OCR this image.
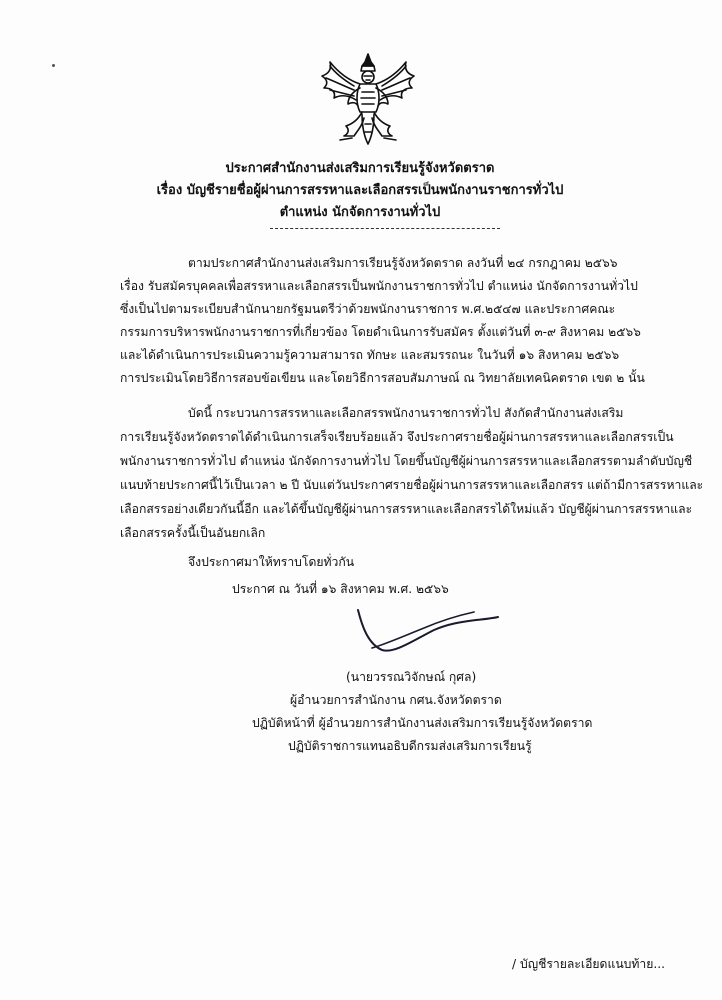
ประกาศสำนักงานส่งเสริมการเรียนรู้จังหวัดตราด
เรื่อง บัญชีรายชื่อผู้ผ่านการสรรหาและเลือกสรรเป็นพนักงานราชการทั่วไป
ตำแหน่ง นักจัดการงานทั่วไป
ตามประกาศสำนักงานส่งเสริมการเรียนรู้จังหวัดตราด ลงวันที่ ๒๔ กรกฎาคม ๒๕๖๖
เรื่อง รับสมัครบุคคลเพื่อสรรหาและเลือกสรรเป็นพนักงานราชการทั่วไป ตำแหน่ง นักจัดการงานทั่วไป
ซึ่งเป็นไปตามระเบียบสำนักนายกรัฐมนตรีว่าด้วยพนักงานราชการ พ.ศ.๒๕๔๗ และประกาศคณะ
กรรมการบริหารพนักงานราชการที่เกี่ยวข้อง โดยดำเนินการรับสมัคร ตั้งแต่วันที่ ๓-๙ สิงหาคม ๒๕๖๖
และได้ดำเนินการประเมินความรู้ความสามารถ ทักษะ และสมรรถนะ ในวันที่ ๑๖ สิงหาคม ๒๕๖๖
การประเมินโดยวิธีการสอบข้อเขียน และโดยวิธีการสอบสัมภาษณ์ ณ วิทยาลัยเทคนิคตราด เขต ๒ นั้น
บัดนี้ กระบวนการสรรหาและเลือกสรรพนักงานราชการทั่วไป สังกัดสำนักงานส่งเสริม
การเรียนรู้จังหวัดตราดได้ดำเนินการเสร็จเรียบร้อยแล้ว จึงประกาศรายชื่อผู้ผ่านการสรรหาและเลือกสรรเป็น
พนักงานราชการทั่วไป ตำแหน่ง นักจัดการงานทั่วไป โดยขึ้นบัญชีผู้ผ่านการสรรหาและเลือกสรรตามลำดับบัญชี
แนบท้ายประกาศนี้ไว้เป็นเวลา ๒ ปี นับแต่วันประกาศรายชื่อผู้ผ่านการสรรหาและเลือกสรร แต่ถ้ามีการสรรหาและ
เลือกสรรอย่างเดียวกันนี้อีก และได้ขึ้นบัญชีผู้ผ่านการสรรหาและเลือกสรรได้ใหม่แล้ว บัญชีผู้ผ่านการสรรหาและ
เลือกสรรครั้งนี้เป็นอันยกเลิก
จึงประกาศมาให้ทราบโดยทั่วกัน
ประกาศ ณ วันที่ ๑๖ สิงหาคม พ.ศ. ๒๕๖๖
(นายวรรณวิจักษณ์ กุศล)
ผู้อำนวยการสำนักงาน กศน.จังหวัดตราด
ปฏิบัติหน้าที่ ผู้อำนวยการสำนักงานส่งเสริมการเรียนรู้จังหวัดตราด
ปฏิบัติราชการแทนอธิบดีกรมส่งเสริมการเรียนรู้
/ บัญชีรายละเอียดแนบท้าย...
